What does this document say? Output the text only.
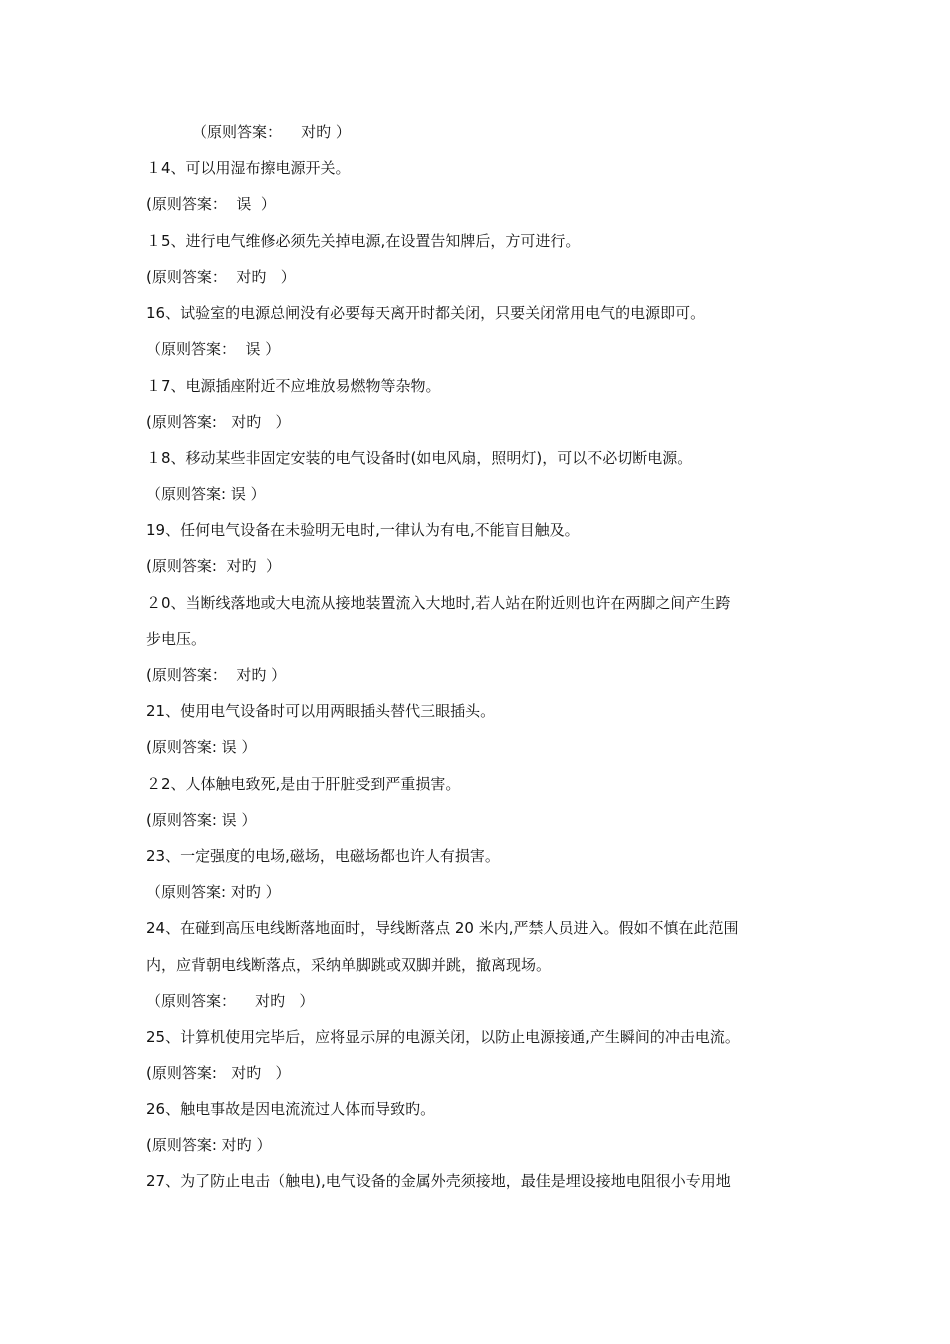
（原则答案：    对旳 ）
１4、可以用湿布擦电源开关。
(原则答案：  误  ）
１5、进行电气维修必须先关掉电源,在设置告知牌后，方可进行。
(原则答案：  对旳   ）
16、试验室的电源总闸没有必要每天离开时都关闭，只要关闭常用电气的电源即可。
（原则答案：  误 ）
１7、电源插座附近不应堆放易燃物等杂物。
(原则答案:   对旳   ）
１8、移动某些非固定安装的电气设备时(如电风扇，照明灯)，可以不必切断电源。
（原则答案: 误 ）
19、任何电气设备在未验明无电时,一律认为有电,不能盲目触及。
(原则答案:  对旳  ）
２0、当断线落地或大电流从接地装置流入大地时,若人站在附近则也许在两脚之间产生跨
步电压。
(原则答案：  对旳 ）
21、使用电气设备时可以用两眼插头替代三眼插头。
(原则答案: 误 ）
２2、人体触电致死,是由于肝脏受到严重损害。
(原则答案: 误 ）
23、一定强度的电场,磁场，电磁场都也许人有损害。
（原则答案: 对旳 ）
24、在碰到高压电线断落地面时，导线断落点 20 米内,严禁人员进入。假如不慎在此范围
内，应背朝电线断落点，采纳单脚跳或双脚并跳，撤离现场。
（原则答案：    对旳   ）
25、计算机使用完毕后，应将显示屏的电源关闭，以防止电源接通,产生瞬间的冲击电流。
(原则答案:   对旳   ）
26、触电事故是因电流流过人体而导致旳。
(原则答案: 对旳 ）
27、为了防止电击（触电),电气设备的金属外壳须接地，最佳是埋设接地电阻很小专用地
